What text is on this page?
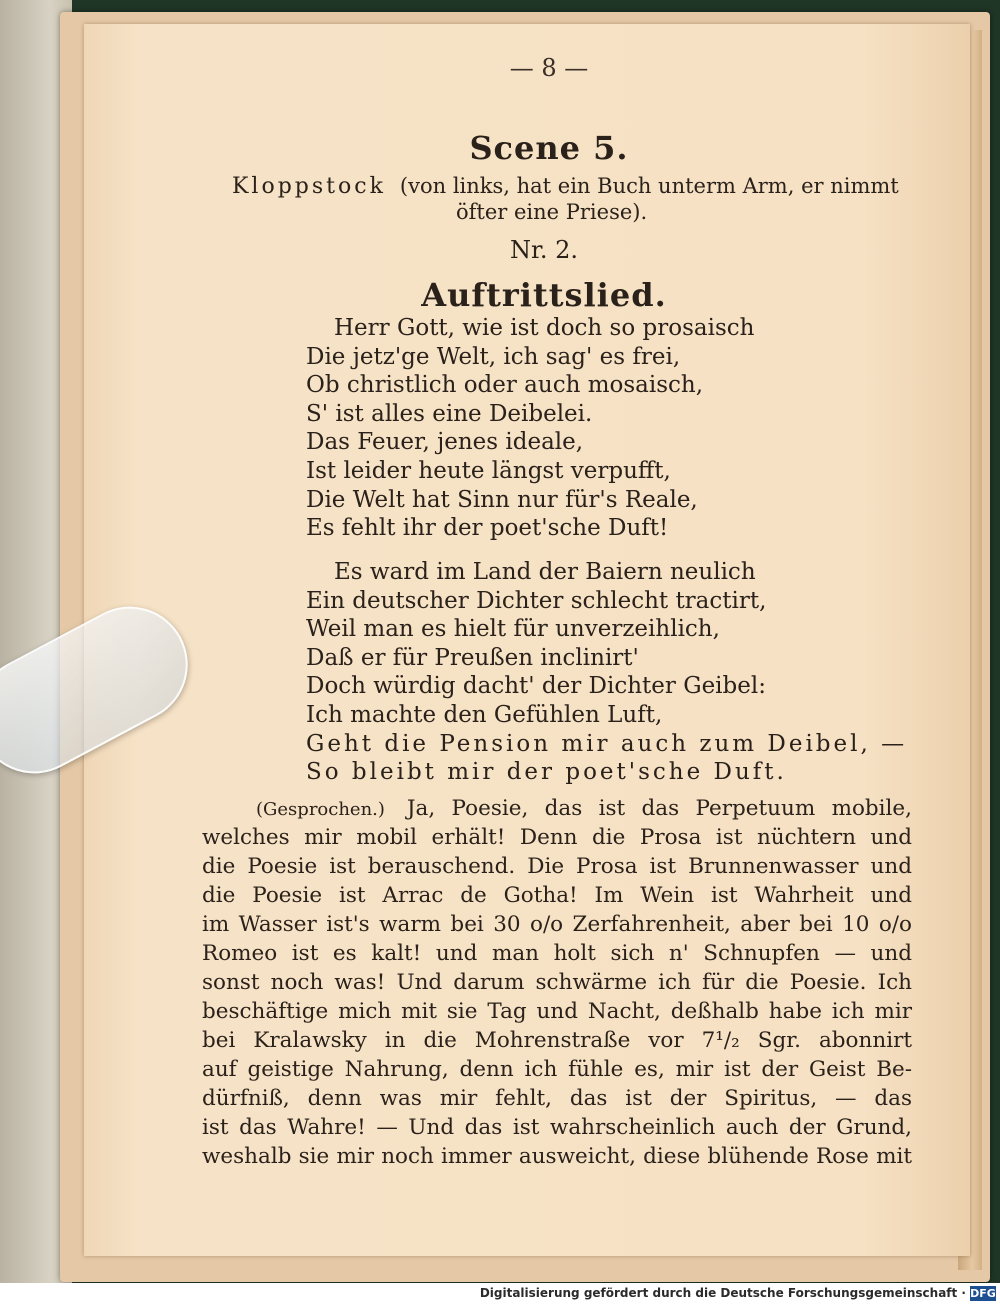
— 8 —
Scene 5.
Kloppstock (von links, hat ein Buch unterm Arm, er nimmt
öfter eine Priese).
Nr. 2.
Auftrittslied.
Herr Gott, wie ist doch so prosaisch
Die jetz'ge Welt, ich sag' es frei,
Ob christlich oder auch mosaisch,
S' ist alles eine Deibelei.
Das Feuer, jenes ideale,
Ist leider heute längst verpufft,
Die Welt hat Sinn nur für's Reale,
Es fehlt ihr der poet'sche Duft!
Es ward im Land der Baiern neulich
Ein deutscher Dichter schlecht tractirt,
Weil man es hielt für unverzeihlich,
Daß er für Preußen inclinirt'
Doch würdig dacht' der Dichter Geibel:
Ich machte den Gefühlen Luft,
Geht die Pension mir auch zum Deibel, —
So bleibt mir der poet'sche Duft.
(Gesprochen.) Ja, Poesie, das ist das Perpetuum mobile,
welches mir mobil erhält! Denn die Prosa ist nüchtern und
die Poesie ist berauschend. Die Prosa ist Brunnenwasser und
die Poesie ist Arrac de Gotha! Im Wein ist Wahrheit und
im Wasser ist's warm bei 30 o/o Zerfahrenheit, aber bei 10 o/o
Romeo ist es kalt! und man holt sich n' Schnupfen — und
sonst noch was! Und darum schwärme ich für die Poesie. Ich
beschäftige mich mit sie Tag und Nacht, deßhalb habe ich mir
bei Kralawsky in die Mohrenstraße vor 7¹/₂ Sgr. abonnirt
auf geistige Nahrung, denn ich fühle es, mir ist der Geist Be-
dürfniß, denn was mir fehlt, das ist der Spiritus, — das
ist das Wahre! — Und das ist wahrscheinlich auch der Grund,
weshalb sie mir noch immer ausweicht, diese blühende Rose mit
Digitalisierung gefördert durch die Deutsche Forschungsgemeinschaft · DFG
